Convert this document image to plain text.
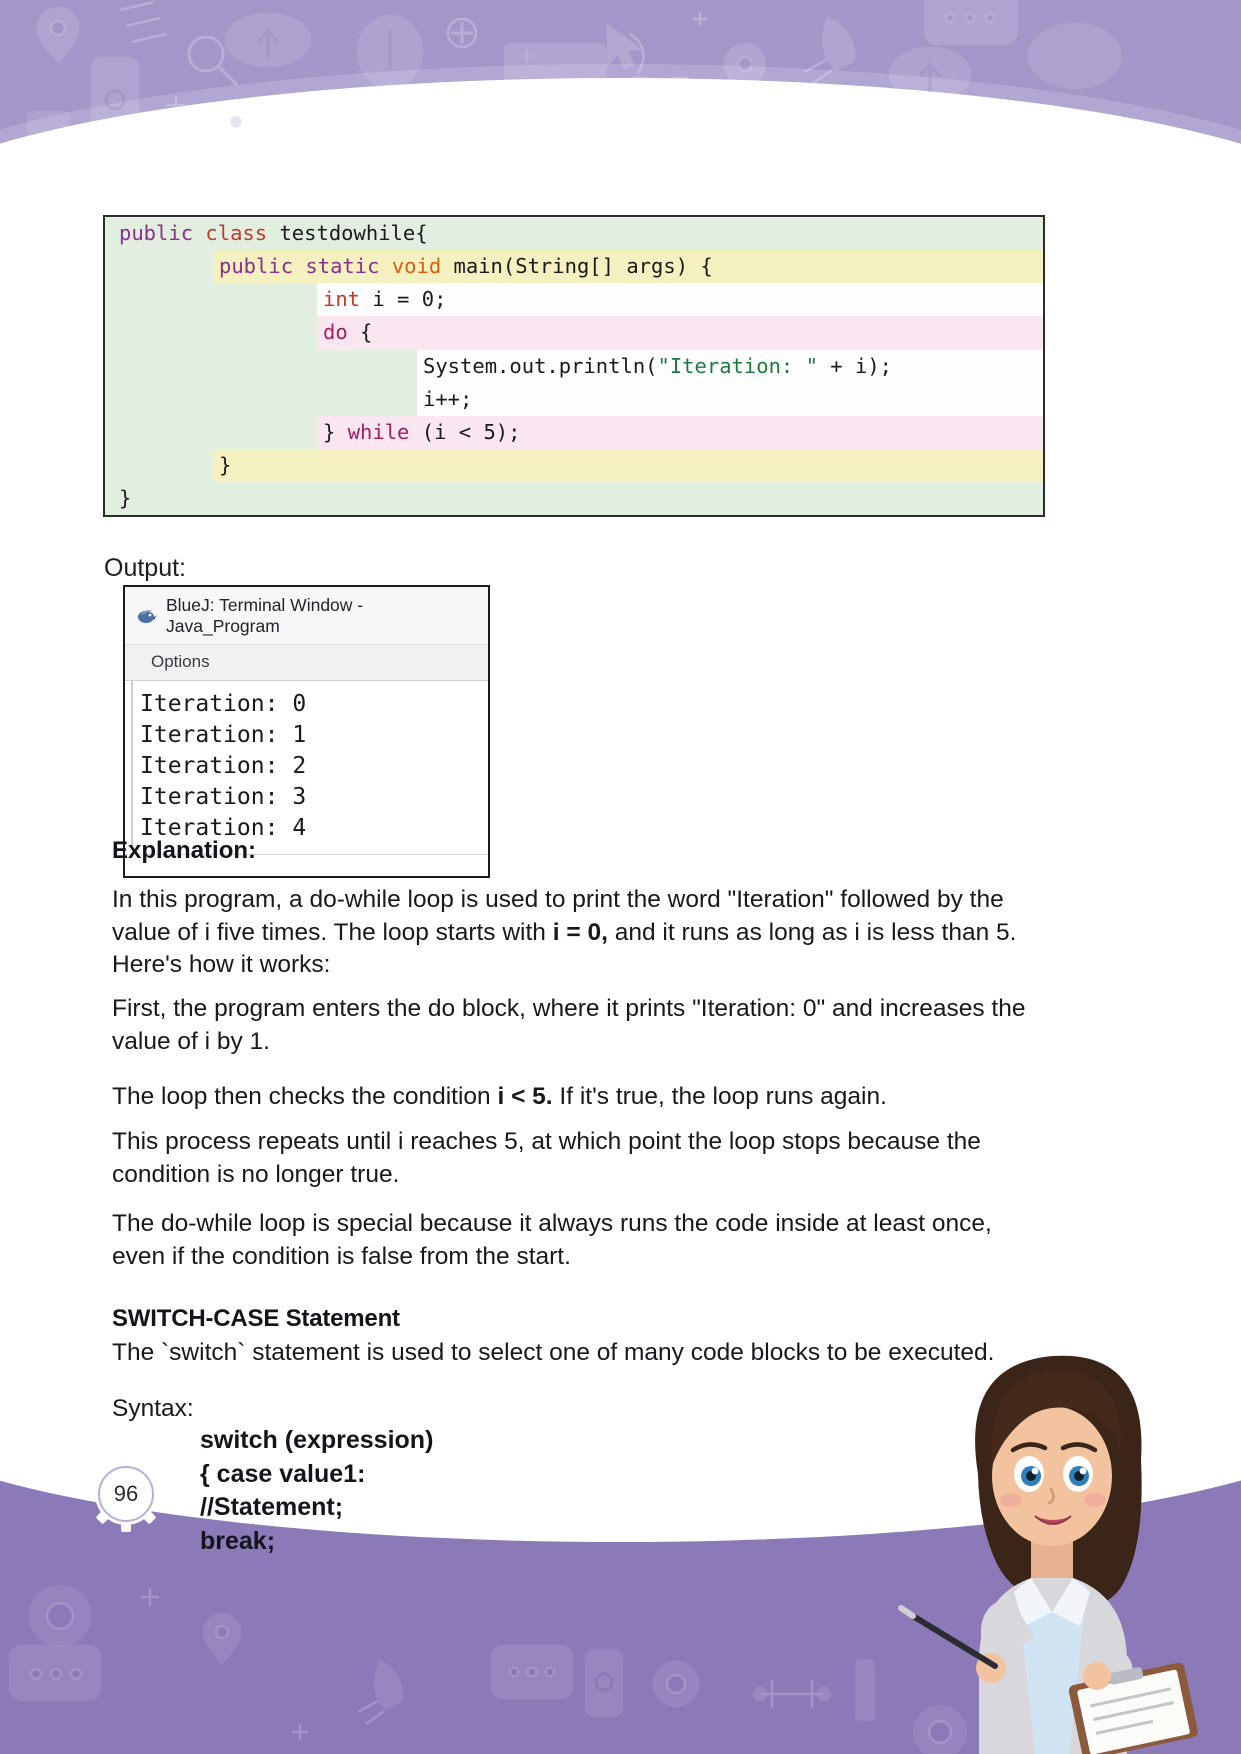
public class testdowhile{
public static void main(String[] args) {
int i = 0;
do {
System.out.println("Iteration: " + i);
i++;
} while (i < 5);
}
}
Output:
BlueJ: Terminal Window - Java_Program
Options
Iteration: 0
Iteration: 1
Iteration: 2
Iteration: 3
Iteration: 4
Explanation:
In this program, a do-while loop is used to print the word "Iteration" followed by the value of i five times. The loop starts with i = 0, and it runs as long as i is less than 5. Here's how it works:
First, the program enters the do block, where it prints "Iteration: 0" and increases the value of i by 1.
The loop then checks the condition i < 5. If it's true, the loop runs again.
This process repeats until i reaches 5, at which point the loop stops because the condition is no longer true.
The do-while loop is special because it always runs the code inside at least once, even if the condition is false from the start.
SWITCH-CASE Statement
The `switch` statement is used to select one of many code blocks to be executed.
Syntax:
switch (expression)
{ case value1:
//Statement;
break;
96
